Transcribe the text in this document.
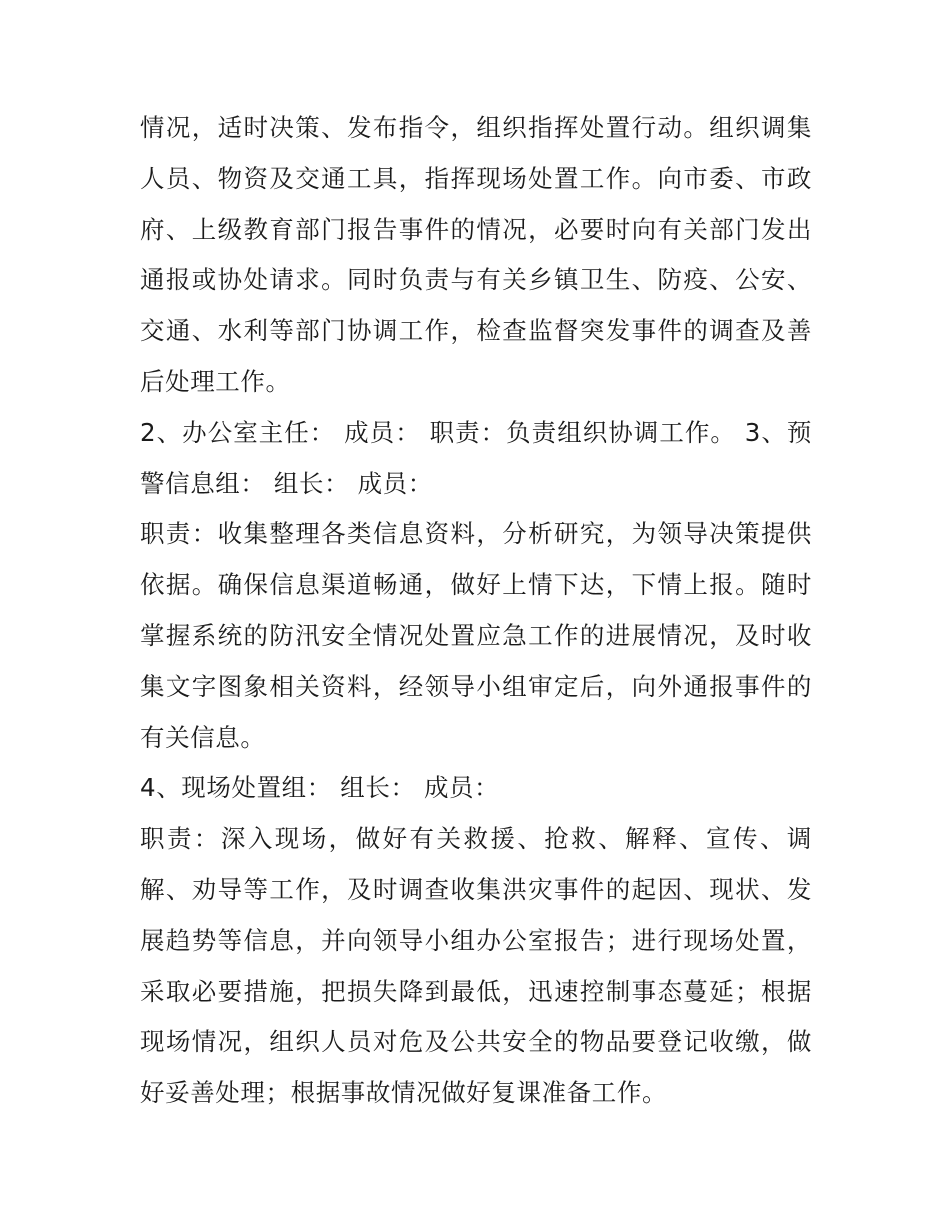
情况，适时决策、发布指令，组织指挥处置行动。组织调集人员、物资及交通工具，指挥现场处置工作。向市委、市政府、上级教育部门报告事件的情况，必要时向有关部门发出通报或协处请求。同时负责与有关乡镇卫生、防疫、公安、交通、水利等部门协调工作，检查监督突发事件的调查及善后处理工作。

2、办公室主任： 成员： 职责：负责组织协调工作。 3、预警信息组： 组长： 成员：

职责：收集整理各类信息资料，分析研究，为领导决策提供依据。确保信息渠道畅通，做好上情下达，下情上报。随时掌握系统的防汛安全情况处置应急工作的进展情况，及时收集文字图象相关资料，经领导小组审定后，向外通报事件的有关信息。

4、现场处置组： 组长： 成员：

职责：深入现场，做好有关救援、抢救、解释、宣传、调解、劝导等工作，及时调查收集洪灾事件的起因、现状、发展趋势等信息，并向领导小组办公室报告；进行现场处置，采取必要措施，把损失降到最低，迅速控制事态蔓延；根据现场情况，组织人员对危及公共安全的物品要登记收缴，做好妥善处理；根据事故情况做好复课准备工作。
